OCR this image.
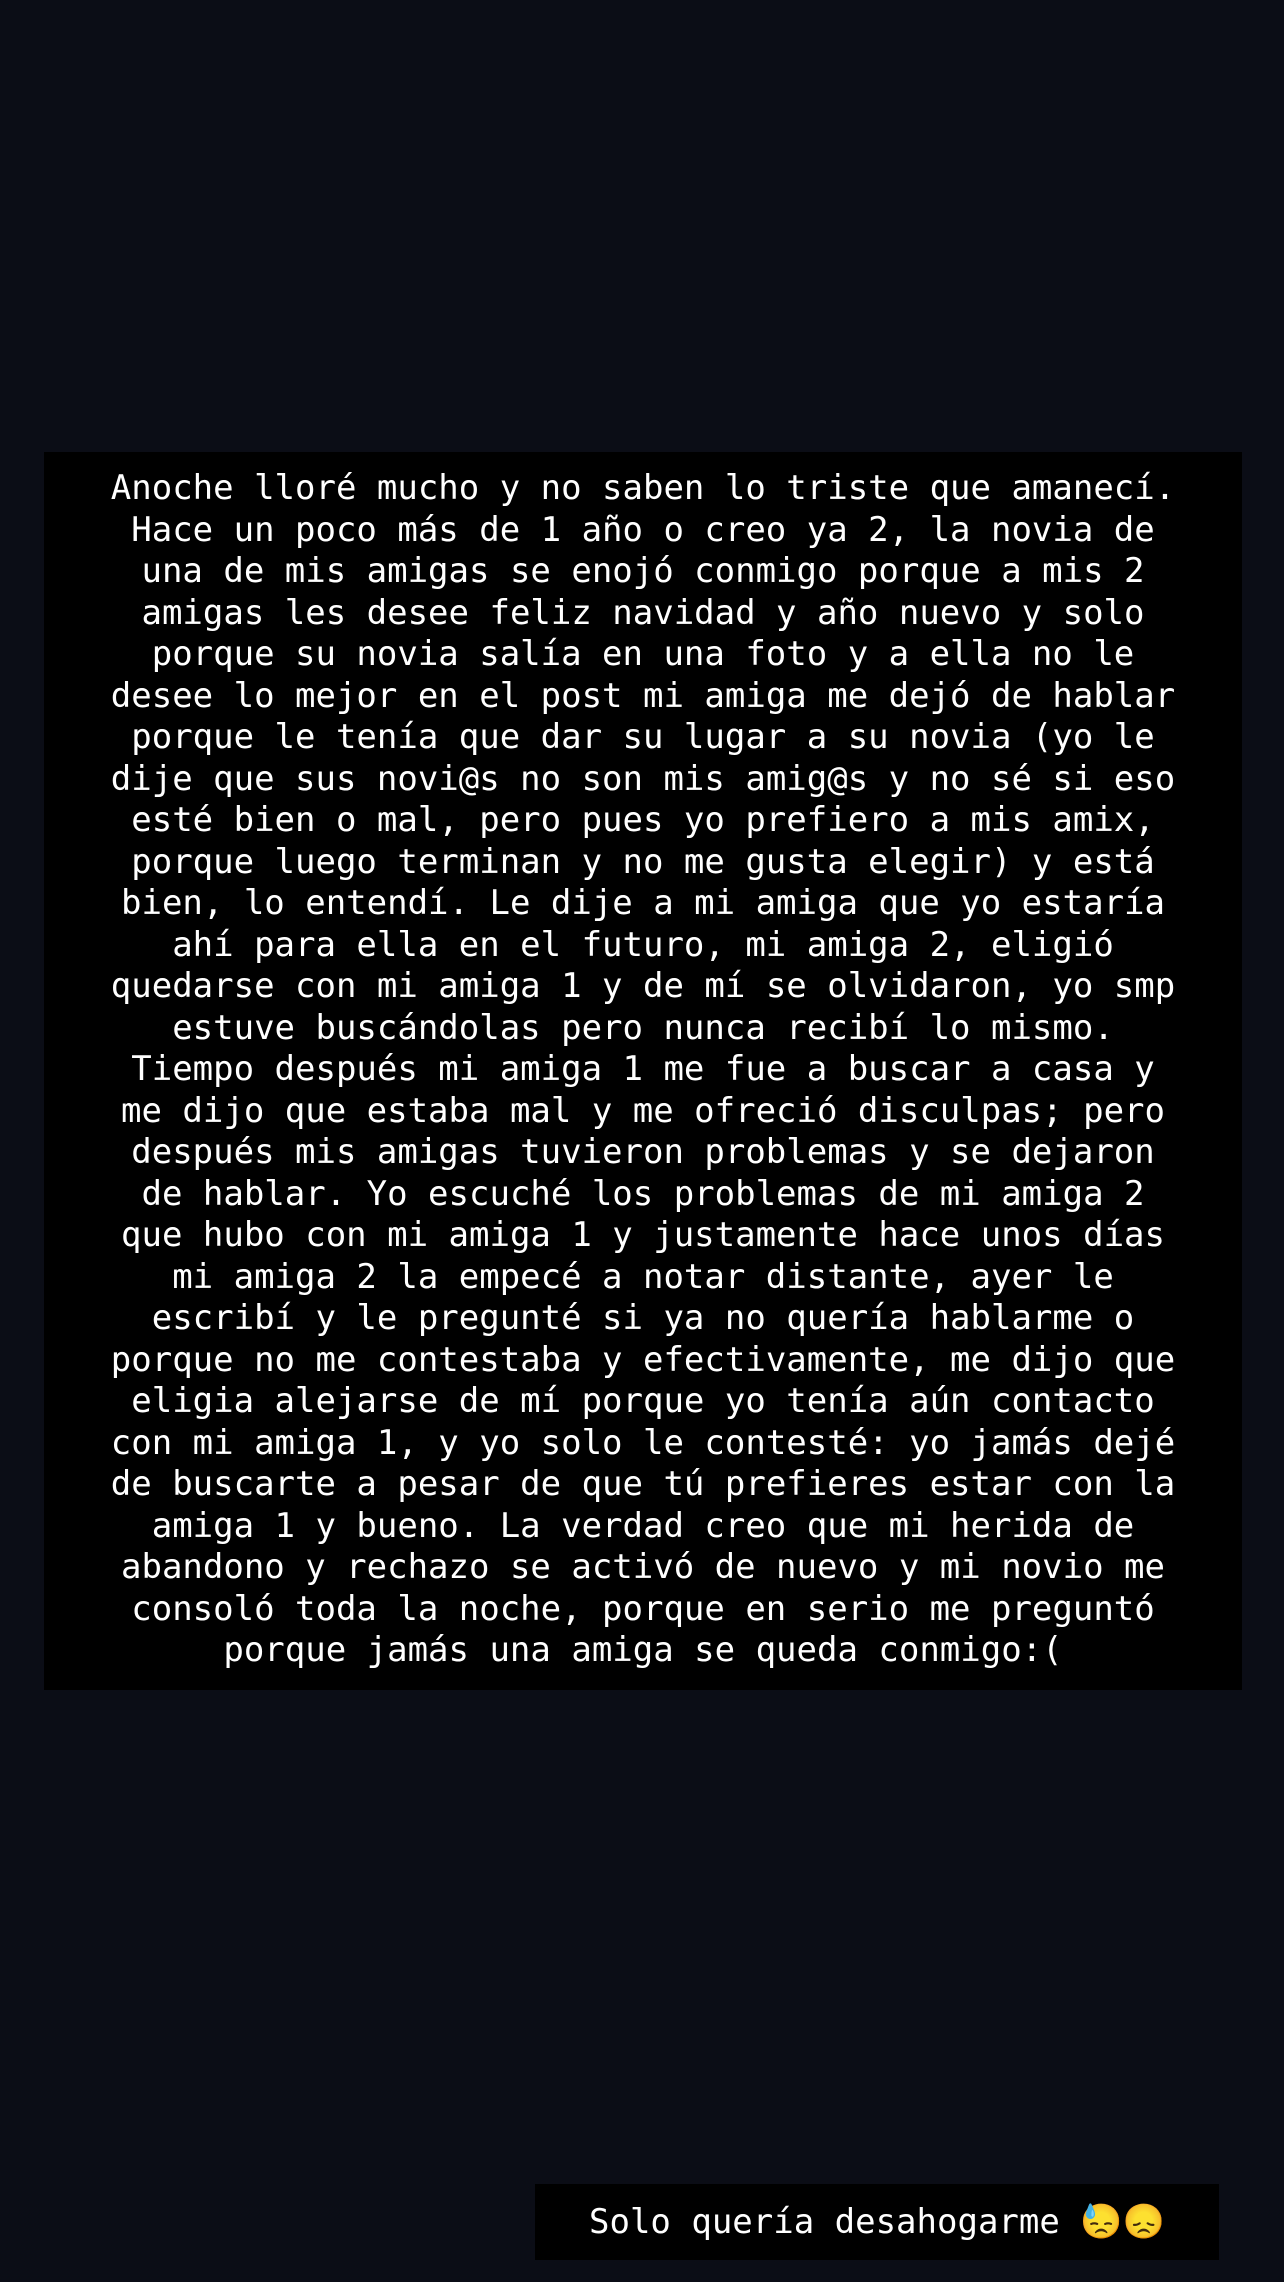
Anoche lloré mucho y no saben lo triste que amanecí.

Hace un poco más de 1 año o creo ya 2, la novia de

una de mis amigas se enojó conmigo porque a mis 2

amigas les desee feliz navidad y año nuevo y solo

porque su novia salía en una foto y a ella no le

desee lo mejor en el post mi amiga me dejó de hablar

porque le tenía que dar su lugar a su novia (yo le

dije que sus novi@s no son mis amig@s y no sé si eso

esté bien o mal, pero pues yo prefiero a mis amix,

porque luego terminan y no me gusta elegir) y está

bien, lo entendí. Le dije a mi amiga que yo estaría

ahí para ella en el futuro, mi amiga 2, eligió

quedarse con mi amiga 1 y de mí se olvidaron, yo smp

estuve buscándolas pero nunca recibí lo mismo.

Tiempo después mi amiga 1 me fue a buscar a casa y

me dijo que estaba mal y me ofreció disculpas; pero

después mis amigas tuvieron problemas y se dejaron

de hablar. Yo escuché los problemas de mi amiga 2

que hubo con mi amiga 1 y justamente hace unos días

mi amiga 2 la empecé a notar distante, ayer le

escribí y le pregunté si ya no quería hablarme o

porque no me contestaba y efectivamente, me dijo que

eligia alejarse de mí porque yo tenía aún contacto

con mi amiga 1, y yo solo le contesté: yo jamás dejé

de buscarte a pesar de que tú prefieres estar con la

amiga 1 y bueno. La verdad creo que mi herida de

abandono y rechazo se activó de nuevo y mi novio me

consoló toda la noche, porque en serio me preguntó

porque jamás una amiga se queda conmigo:(

Solo quería desahogarme 😓😞
